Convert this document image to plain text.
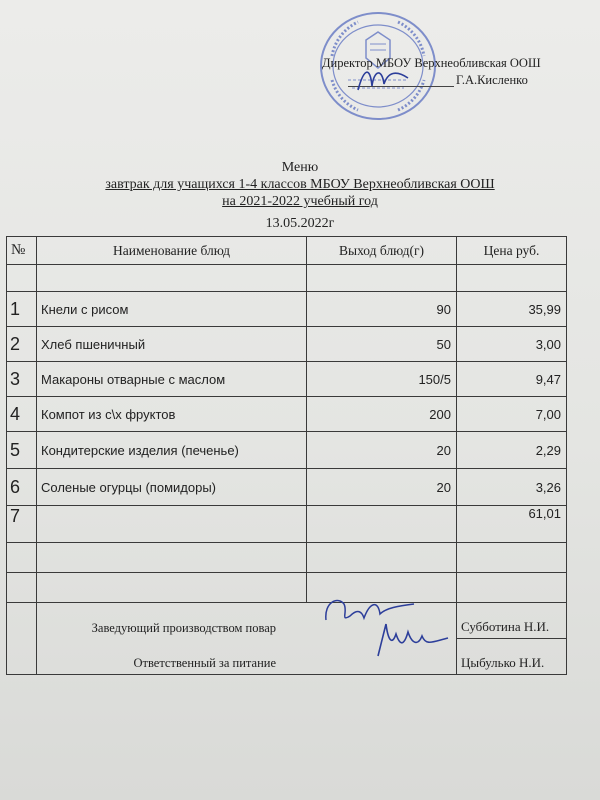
Директор МБОУ Верхнеобливская ООШ
Г.А.Кисленко
Меню
завтрак для учащихся 1-4 классов МБОУ Верхнеобливская ООШ
на 2021-2022 учебный год
13.05.2022г
№	Наименование блюд	Выход блюд(г)	Цена руб.

1	Кнели с рисом	90	35,99
2	Хлеб пшеничный	50	3,00
3	Макароны отварные с маслом	150/5	9,47
4	Компот из с\х фруктов	200	7,00
5	Кондитерские изделия (печенье)	20	2,29
6	Соленые огурцы (помидоры)	20	3,26
7			61,01

	Заведующий производством повар		Субботина Н.И.
	Ответственный за питание		Цыбулько Н.И.
